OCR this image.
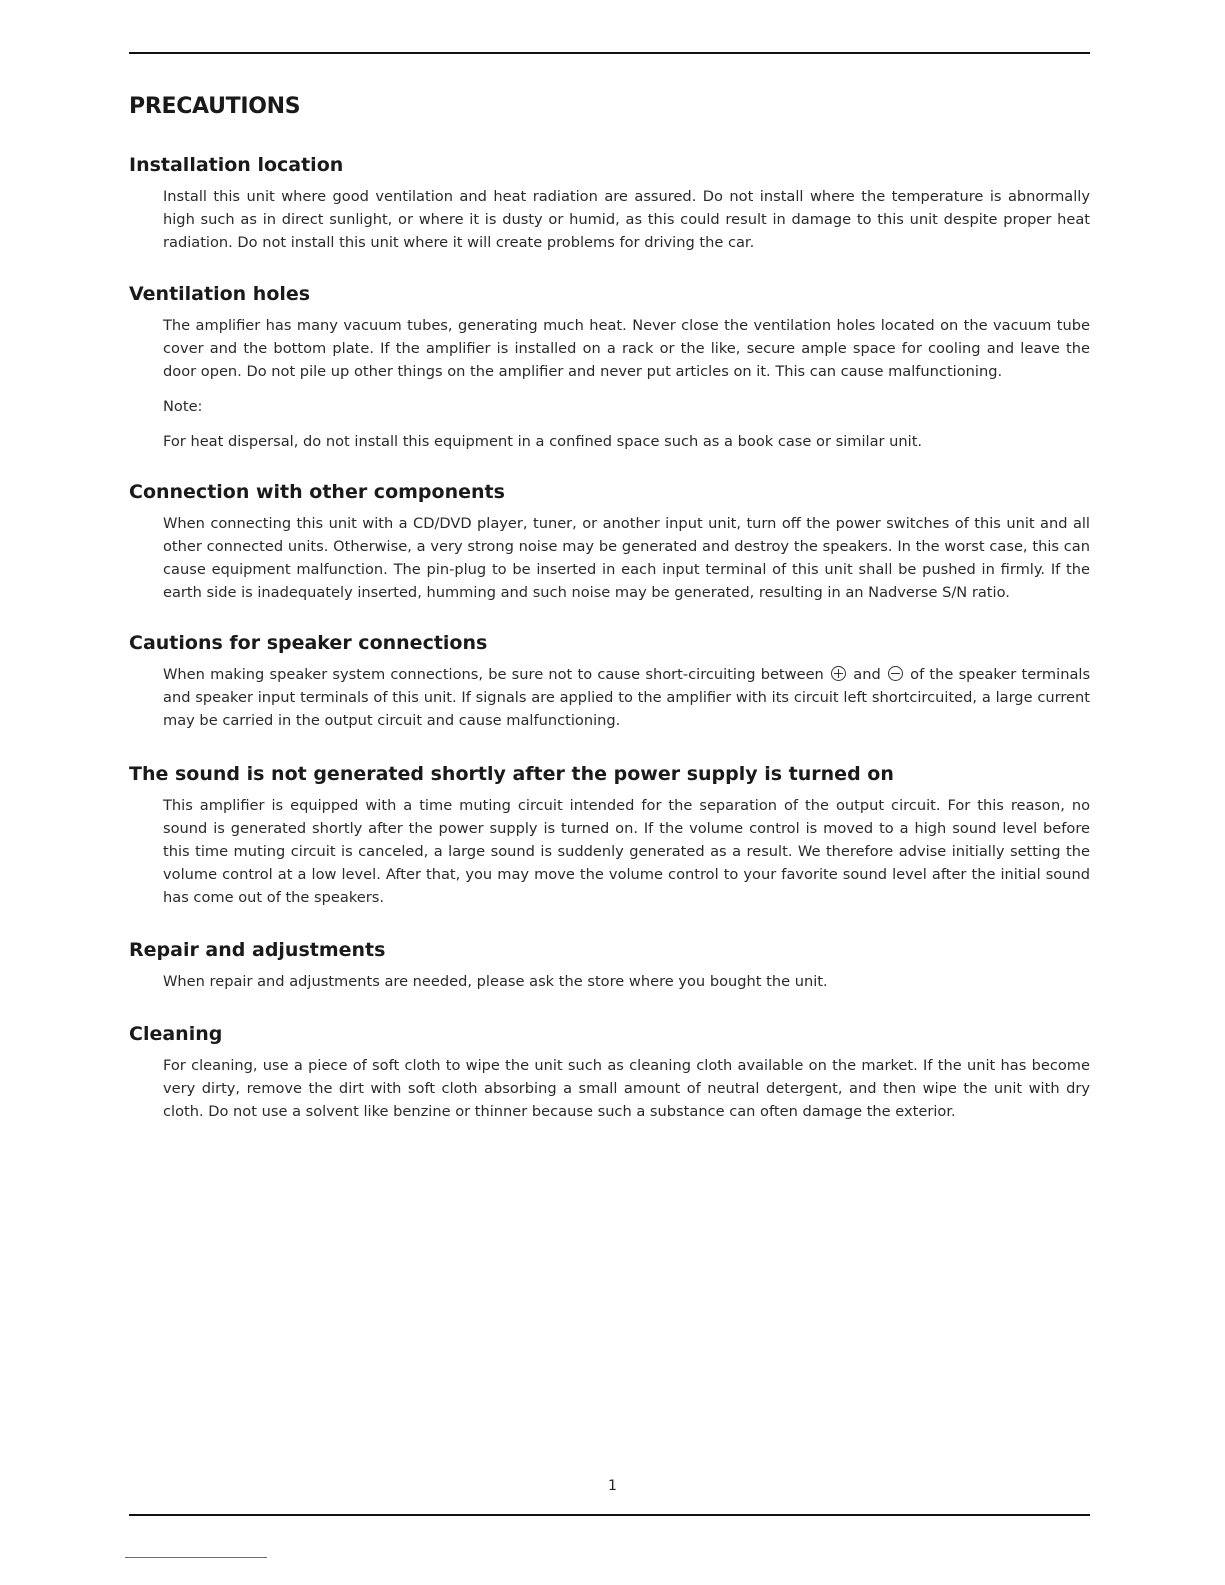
PRECAUTIONS
Installation location

Install this unit where good ventilation and heat radiation are assured. Do not install where the temperature is abnormally high such as in direct sunlight, or where it is dusty or humid, as this could result in damage to this unit despite proper heat radiation. Do not install this unit where it will create problems for driving the car.

Ventilation holes

The amplifier has many vacuum tubes, generating much heat. Never close the ventilation holes located on the vacuum tube cover and the bottom plate. If the amplifier is installed on a rack or the like, secure ample space for cooling and leave the door open. Do not pile up other things on the amplifier and never put articles on it. This can cause malfunctioning.

Note:

For heat dispersal, do not install this equipment in a confined space such as a book case or similar unit.

Connection with other components

When connecting this unit with a CD/DVD player, tuner, or another input unit, turn off the power switches of this unit and all other connected units. Otherwise, a very strong noise may be generated and destroy the speakers. In the worst case, this can cause equipment malfunction. The pin-plug to be inserted in each input terminal of this unit shall be pushed in firmly. If the earth side is inadequately inserted, humming and such noise may be generated, resulting in an Nadverse S/N ratio.

Cautions for speaker connections

When making speaker system connections, be sure not to cause short-circuiting between and of the speaker terminals and speaker input terminals of this unit. If signals are applied to the amplifier with its circuit left shortcircuited, a large current may be carried in the output circuit and cause malfunctioning.

The sound is not generated shortly after the power supply is turned on

This amplifier is equipped with a time muting circuit intended for the separation of the output circuit. For this reason, no sound is generated shortly after the power supply is turned on. If the volume control is moved to a high sound level before this time muting circuit is canceled, a large sound is suddenly generated as a result. We therefore advise initially setting the volume control at a low level. After that, you may move the volume control to your favorite sound level after the initial sound has come out of the speakers.

Repair and adjustments

When repair and adjustments are needed, please ask the store where you bought the unit.

Cleaning

For cleaning, use a piece of soft cloth to wipe the unit such as cleaning cloth available on the market. If the unit has become very dirty, remove the dirt with soft cloth absorbing a small amount of neutral detergent, and then wipe the unit with dry cloth. Do not use a solvent like benzine or thinner because such a substance can often damage the exterior.

1
